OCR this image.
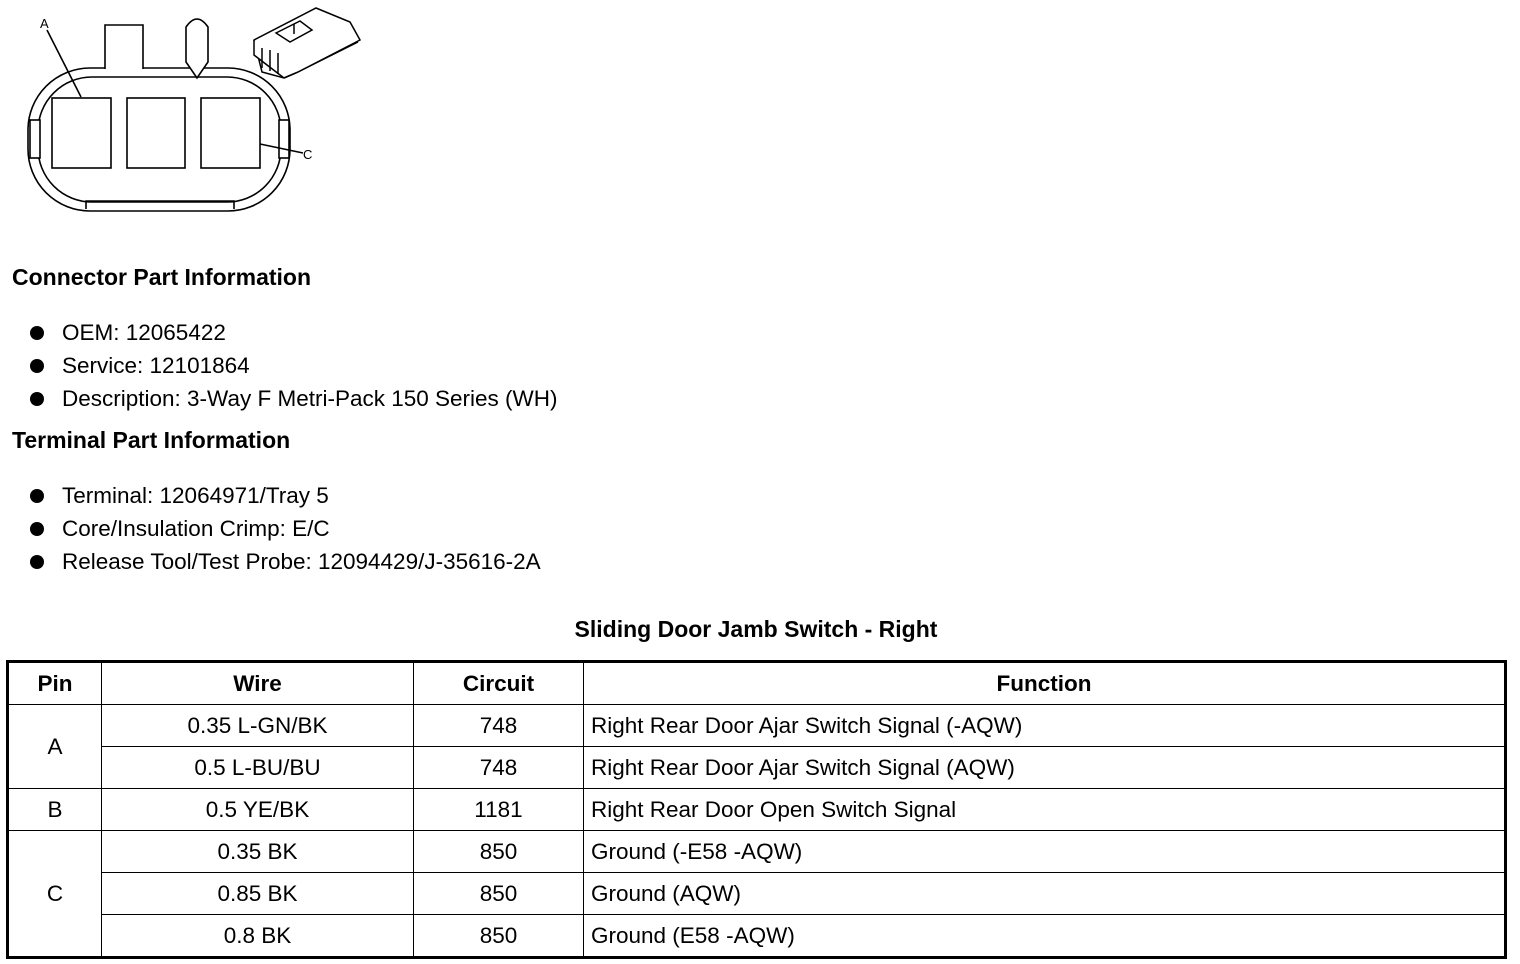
A
C
Connector Part Information
OEM: 12065422
Service: 12101864
Description: 3-Way F Metri-Pack 150 Series (WH)
Terminal Part Information
Terminal: 12064971/Tray 5
Core/Insulation Crimp: E/C
Release Tool/Test Probe: 12094429/J-35616-2A
Sliding Door Jamb Switch - Right
Pin	Wire	Circuit	Function
A	0.35 L-GN/BK	748	Right Rear Door Ajar Switch Signal (-AQW)
	0.5 L-BU/BU	748	Right Rear Door Ajar Switch Signal (AQW)
B	0.5 YE/BK	1181	Right Rear Door Open Switch Signal
C	0.35 BK	850	Ground (-E58 -AQW)
	0.85 BK	850	Ground (AQW)
	0.8 BK	850	Ground (E58 -AQW)
